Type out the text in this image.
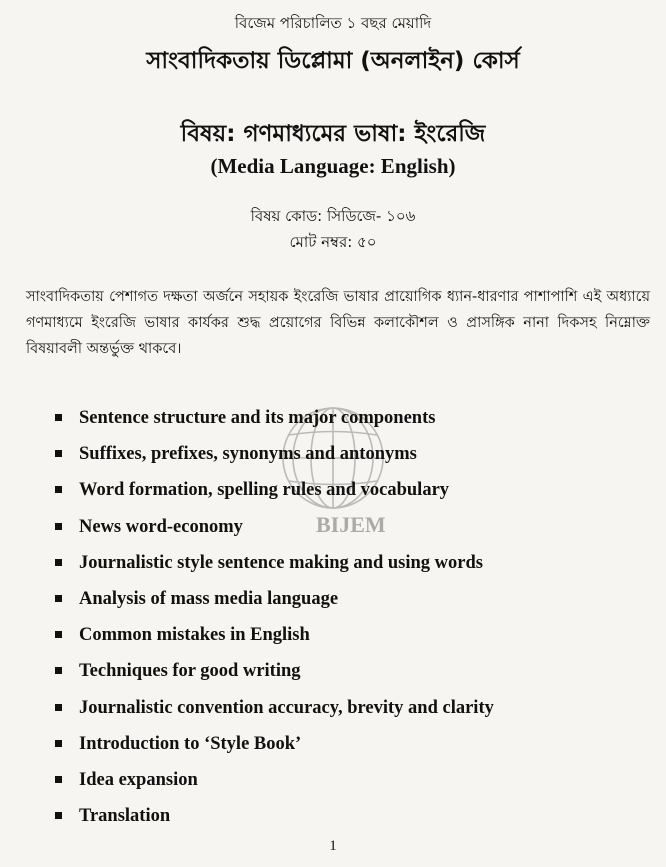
বিজেম পরিচালিত ১ বছর মেয়াদি
সাংবাদিকতায় ডিপ্লোমা (অনলাইন) কোর্স
বিষয়: গণমাধ্যমের ভাষা: ইংরেজি
(Media Language: English)
বিষয় কোড: সিডিজে- ১০৬
মোট নম্বর: ৫০
সাংবাদিকতায় পেশাগত দক্ষতা অর্জনে সহায়ক ইংরেজি ভাষার প্রায়োগিক ধ্যান-ধারণার পাশাপাশি এই অধ্যায়ে গণমাধ্যমে ইংরেজি ভাষার কার্যকর শুদ্ধ প্রয়োগের বিভিন্ন কলাকৌশল ও প্রাসঙ্গিক নানা দিকসহ নিম্নোক্ত বিষয়াবলী অন্তর্ভুক্ত থাকবে।
BIJEM
Sentence structure and its major components
Suffixes, prefixes, synonyms and antonyms
Word formation, spelling rules and vocabulary
News word-economy
Journalistic style sentence making and using words
Analysis of mass media language
Common mistakes in English
Techniques for good writing
Journalistic convention accuracy, brevity and clarity
Introduction to ‘Style Book’
Idea expansion
Translation
1
